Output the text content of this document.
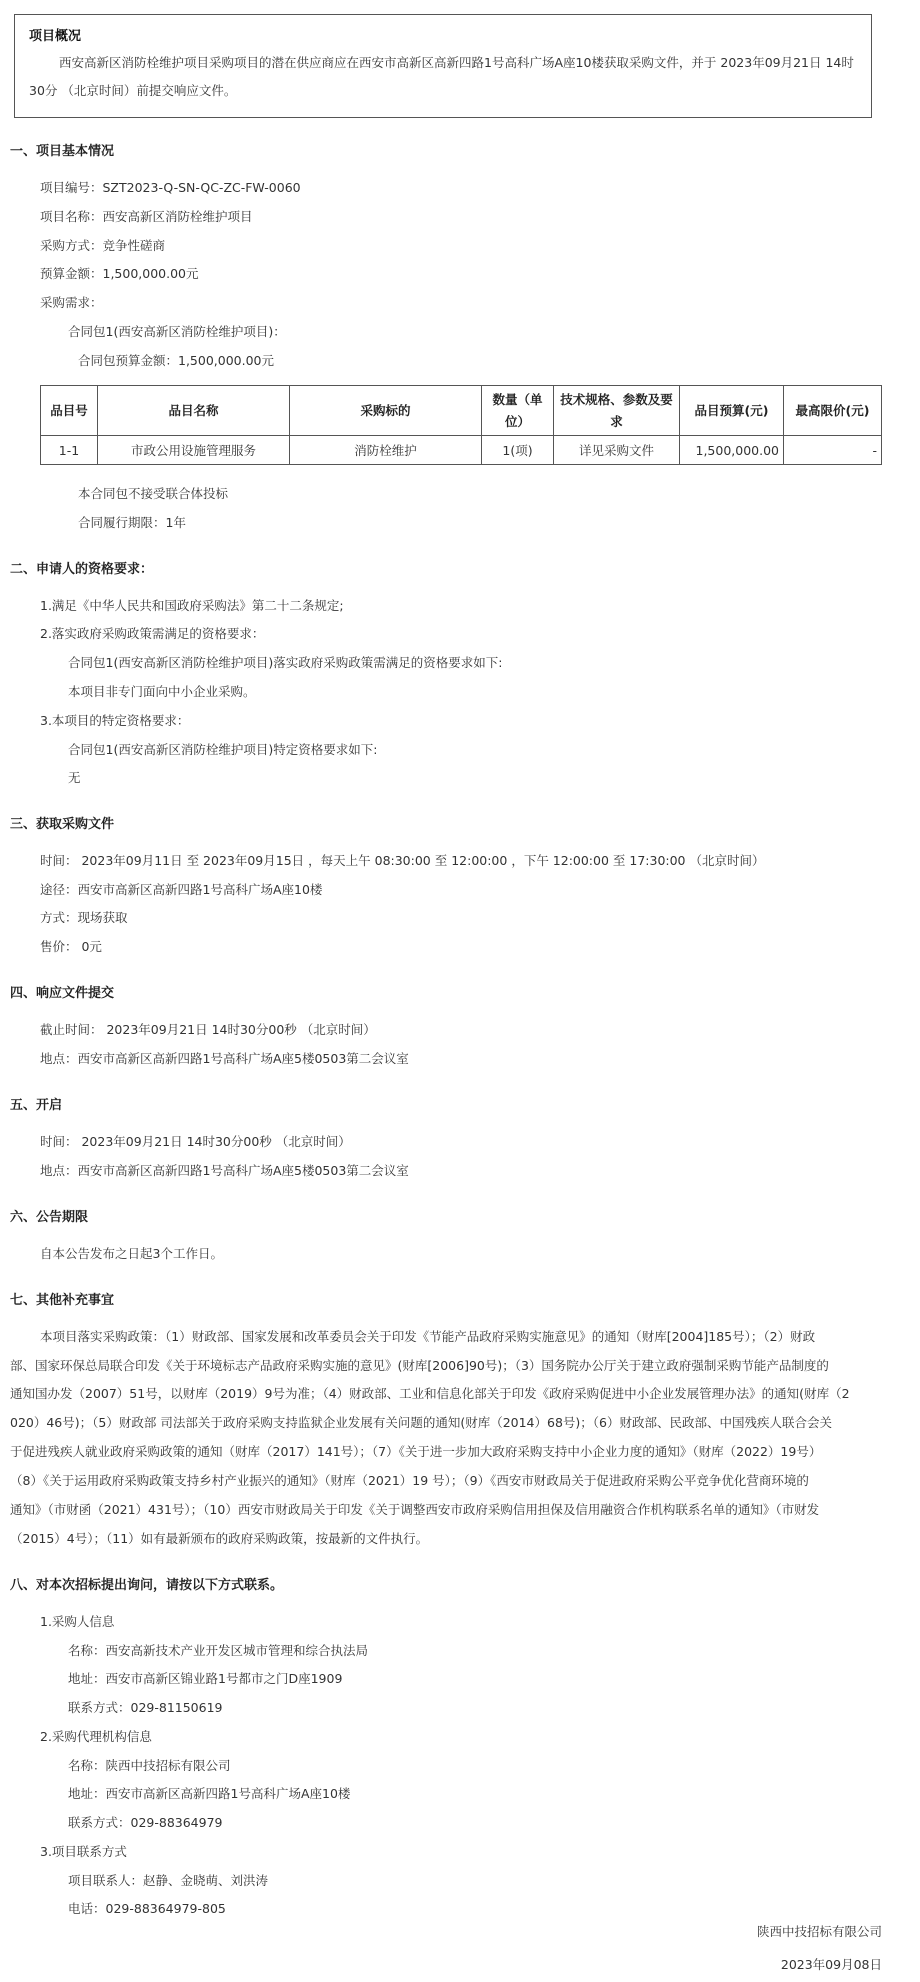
项目概况
西安高新区消防栓维护项目采购项目的潜在供应商应在西安市高新区高新四路1号高科广场A座10楼获取采购文件，并于 2023年09月21日 14时30分 （北京时间）前提交响应文件。
一、项目基本情况
项目编号：SZT2023-Q-SN-QC-ZC-FW-0060
项目名称：西安高新区消防栓维护项目
采购方式：竞争性磋商
预算金额：1,500,000.00元
采购需求：
合同包1(西安高新区消防栓维护项目)：
合同包预算金额：1,500,000.00元
品目号	品目名称	采购标的	数量（单位）	技术规格、参数及要求	品目预算(元)	最高限价(元)
1-1	市政公用设施管理服务	消防栓维护	1(项)	详见采购文件	1,500,000.00	-
本合同包不接受联合体投标
合同履行期限：1年
二、申请人的资格要求：
1.满足《中华人民共和国政府采购法》第二十二条规定;
2.落实政府采购政策需满足的资格要求：
合同包1(西安高新区消防栓维护项目)落实政府采购政策需满足的资格要求如下:
本项目非专门面向中小企业采购。
3.本项目的特定资格要求：
合同包1(西安高新区消防栓维护项目)特定资格要求如下:
无
三、获取采购文件
时间： 2023年09月11日 至 2023年09月15日 ，每天上午 08:30:00 至 12:00:00 ，下午 12:00:00 至 17:30:00 （北京时间）
途径：西安市高新区高新四路1号高科广场A座10楼
方式：现场获取
售价： 0元
四、响应文件提交
截止时间： 2023年09月21日 14时30分00秒 （北京时间）
地点：西安市高新区高新四路1号高科广场A座5楼0503第二会议室
五、开启
时间： 2023年09月21日 14时30分00秒 （北京时间）
地点：西安市高新区高新四路1号高科广场A座5楼0503第二会议室
六、公告期限
自本公告发布之日起3个工作日。
七、其他补充事宜
本项目落实采购政策：（1）财政部、国家发展和改革委员会关于印发《节能产品政府采购实施意见》的通知（财库[2004]185号）；（2）财政
部、国家环保总局联合印发《关于环境标志产品政府采购实施的意见》(财库[2006]90号)；（3）国务院办公厅关于建立政府强制采购节能产品制度的
通知国办发（2007）51号，以财库（2019）9号为准；（4）财政部、工业和信息化部关于印发《政府采购促进中小企业发展管理办法》的通知(财库（2
020）46号)；（5）财政部 司法部关于政府采购支持监狱企业发展有关问题的通知(财库（2014）68号)；（6）财政部、民政部、中国残疾人联合会关
于促进残疾人就业政府采购政策的通知（财库（2017）141号）；（7）《关于进一步加大政府采购支持中小企业力度的通知》（财库（2022）19号）
（8）《关于运用政府采购政策支持乡村产业振兴的通知》（财库（2021）19 号）；（9）《西安市财政局关于促进政府采购公平竞争优化营商环境的
通知》（市财函（2021）431号）；（10）西安市财政局关于印发《关于调整西安市政府采购信用担保及信用融资合作机构联系名单的通知》（市财发
（2015）4号）；（11）如有最新颁布的政府采购政策，按最新的文件执行。
八、对本次招标提出询问，请按以下方式联系。
1.采购人信息
名称：西安高新技术产业开发区城市管理和综合执法局
地址：西安市高新区锦业路1号都市之门D座1909
联系方式：029-81150619
2.采购代理机构信息
名称：陕西中技招标有限公司
地址：西安市高新区高新四路1号高科广场A座10楼
联系方式：029-88364979
3.项目联系方式
项目联系人：赵静、金晓萌、刘洪涛
电话：029-88364979-805
陕西中技招标有限公司
2023年09月08日
